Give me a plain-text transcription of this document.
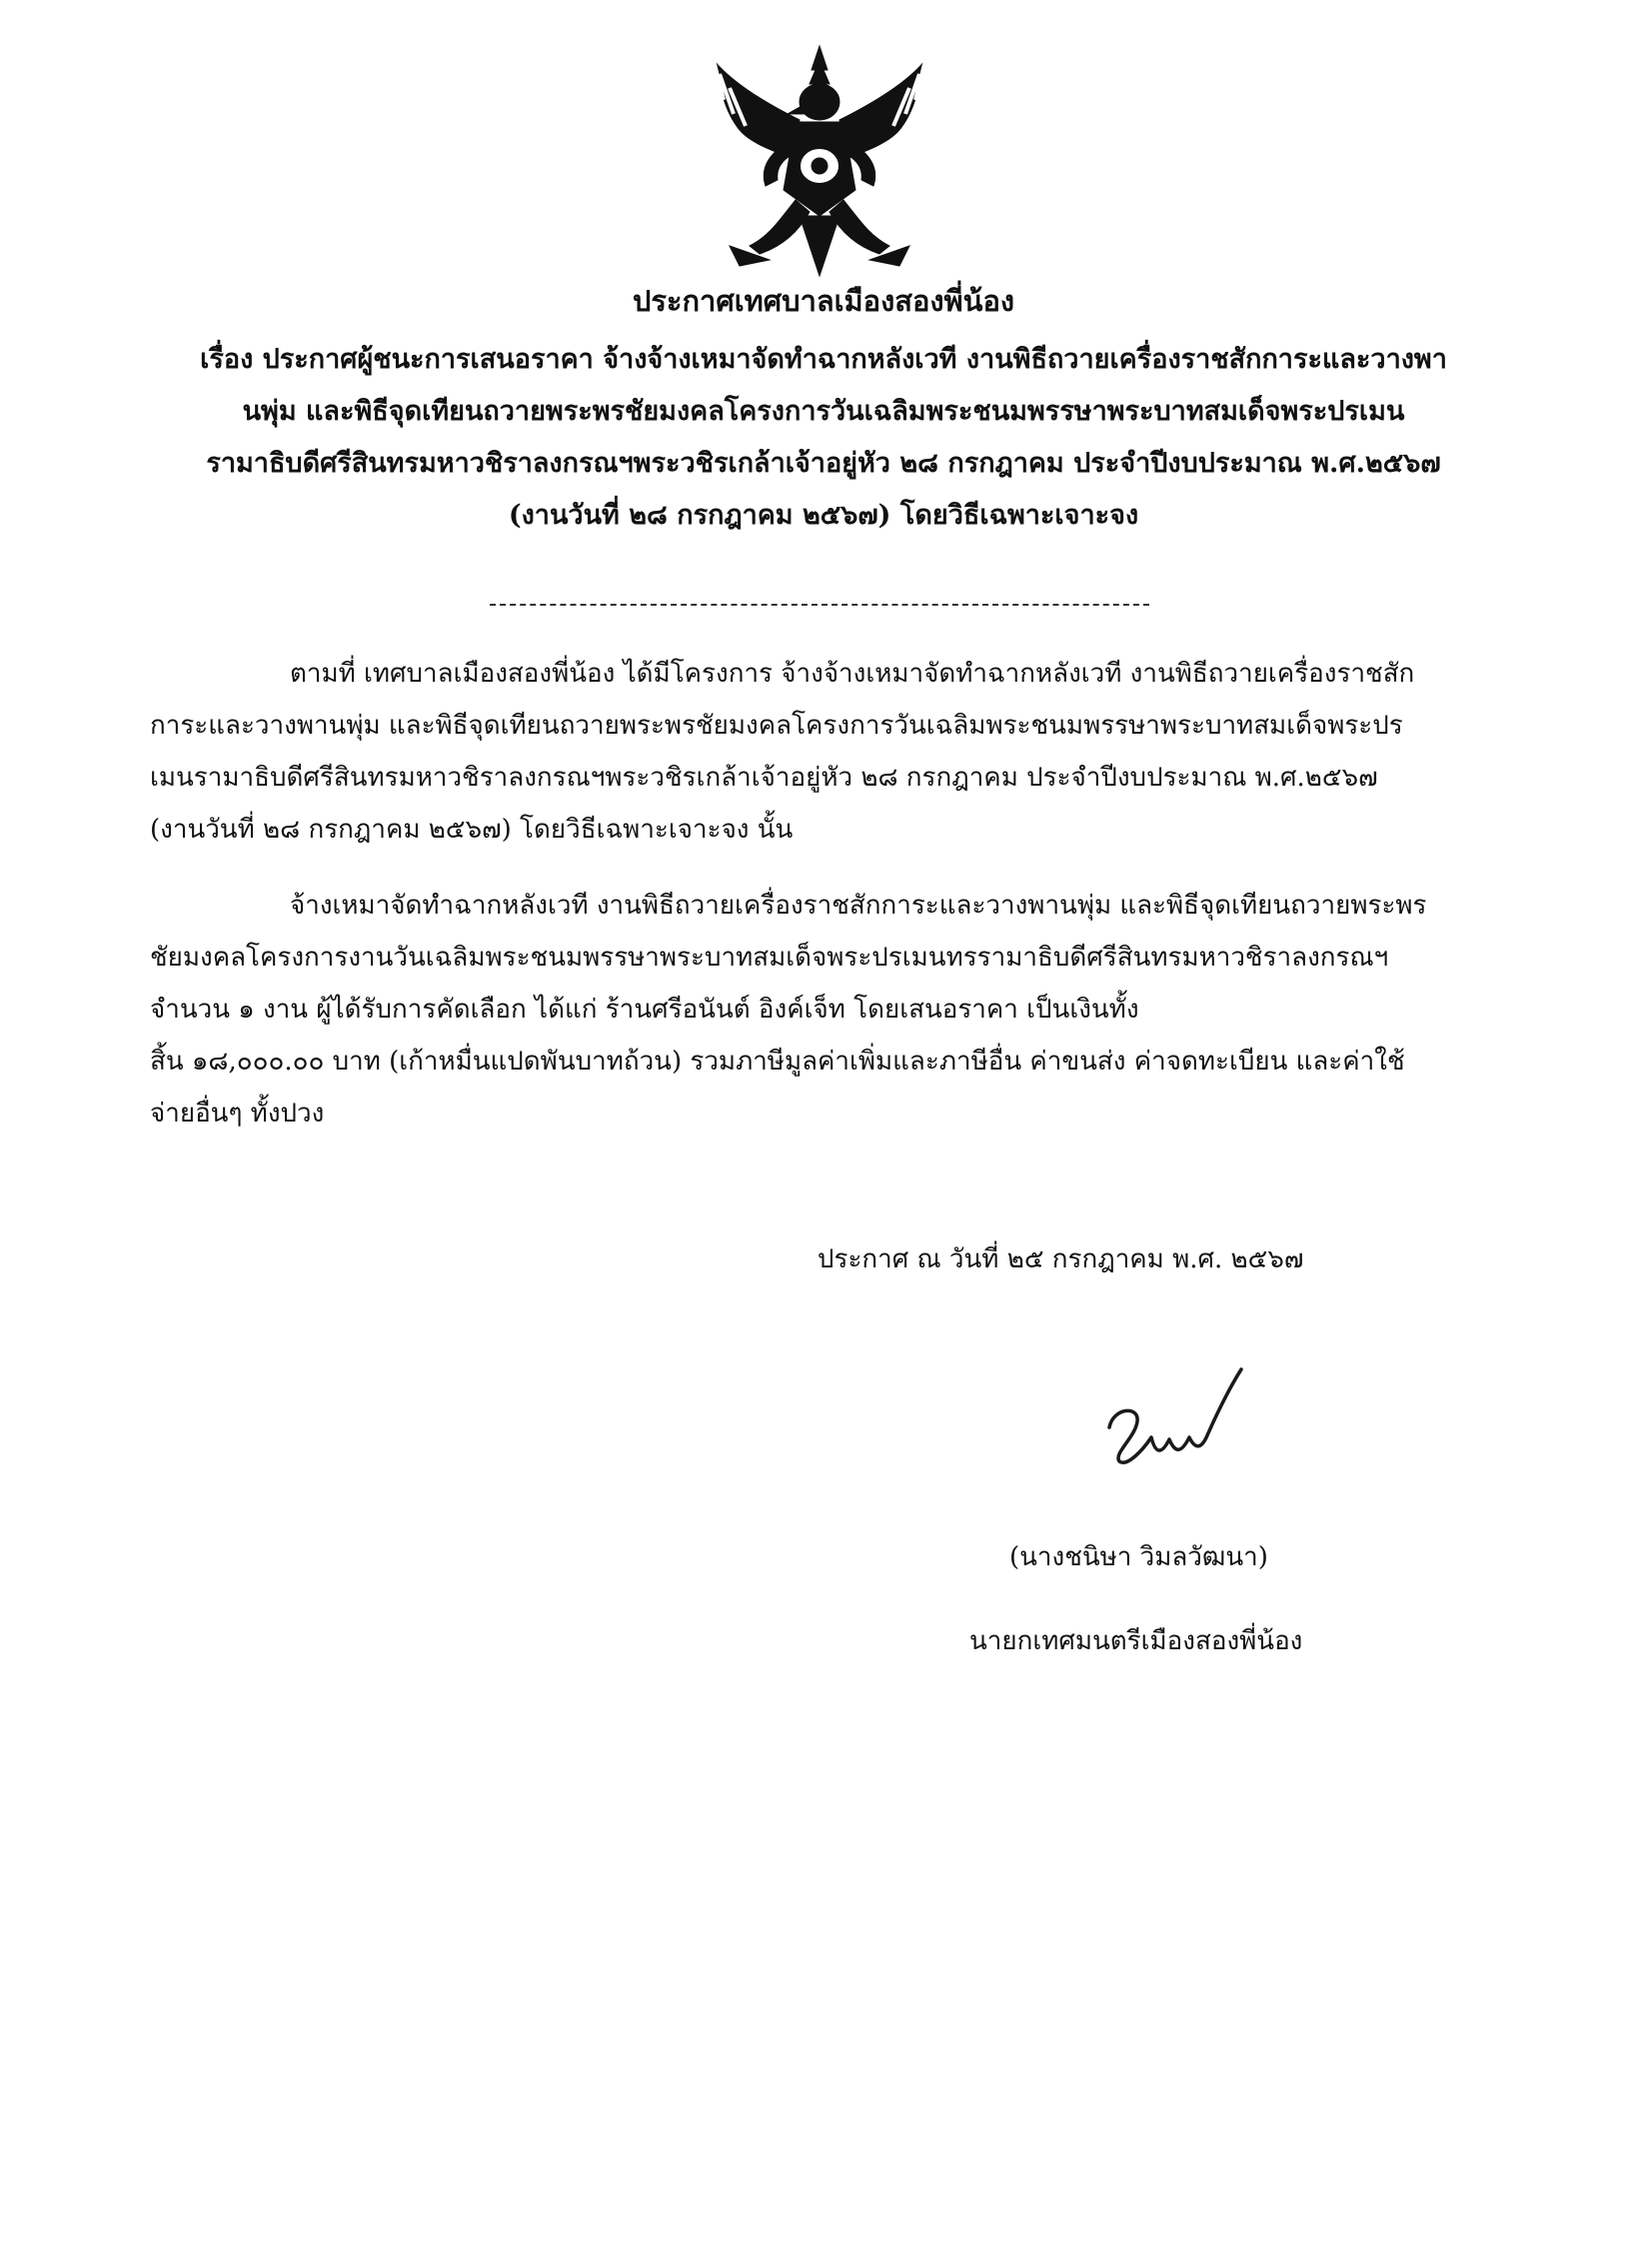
ประกาศเทศบาลเมืองสองพี่น้อง
เรื่อง ประกาศผู้ชนะการเสนอราคา จ้างจ้างเหมาจัดทำฉากหลังเวที งานพิธีถวายเครื่องราชสักการะและวางพา
นพุ่ม และพิธีจุดเทียนถวายพระพรชัยมงคลโครงการวันเฉลิมพระชนมพรรษาพระบาทสมเด็จพระปรเมน
รามาธิบดีศรีสินทรมหาวชิราลงกรณฯพระวชิรเกล้าเจ้าอยู่หัว ๒๘ กรกฎาคม ประจำปีงบประมาณ พ.ศ.๒๕๖๗
(งานวันที่ ๒๘ กรกฎาคม ๒๕๖๗) โดยวิธีเฉพาะเจาะจง
ตามที่ เทศบาลเมืองสองพี่น้อง ได้มีโครงการ จ้างจ้างเหมาจัดทำฉากหลังเวที งานพิธีถวายเครื่องราชสัก
การะและวางพานพุ่ม และพิธีจุดเทียนถวายพระพรชัยมงคลโครงการวันเฉลิมพระชนมพรรษาพระบาทสมเด็จพระปร
เมนรามาธิบดีศรีสินทรมหาวชิราลงกรณฯพระวชิรเกล้าเจ้าอยู่หัว ๒๘ กรกฎาคม ประจำปีงบประมาณ พ.ศ.๒๕๖๗
(งานวันที่ ๒๘ กรกฎาคม ๒๕๖๗) โดยวิธีเฉพาะเจาะจง นั้น
จ้างเหมาจัดทำฉากหลังเวที งานพิธีถวายเครื่องราชสักการะและวางพานพุ่ม และพิธีจุดเทียนถวายพระพร
ชัยมงคลโครงการงานวันเฉลิมพระชนมพรรษาพระบาทสมเด็จพระปรเมนทรรามาธิบดีศรีสินทรมหาวชิราลงกรณฯ
จำนวน ๑ งาน ผู้ได้รับการคัดเลือก ได้แก่ ร้านศรีอนันต์ อิงค์เจ็ท โดยเสนอราคา เป็นเงินทั้ง
สิ้น ๑๘,๐๐๐.๐๐ บาท (เก้าหมื่นแปดพันบาทถ้วน) รวมภาษีมูลค่าเพิ่มและภาษีอื่น ค่าขนส่ง ค่าจดทะเบียน และค่าใช้
จ่ายอื่นๆ ทั้งปวง
ประกาศ ณ วันที่ ๒๕ กรกฎาคม พ.ศ. ๒๕๖๗
(นางชนิษา วิมลวัฒนา)
นายกเทศมนตรีเมืองสองพี่น้อง
